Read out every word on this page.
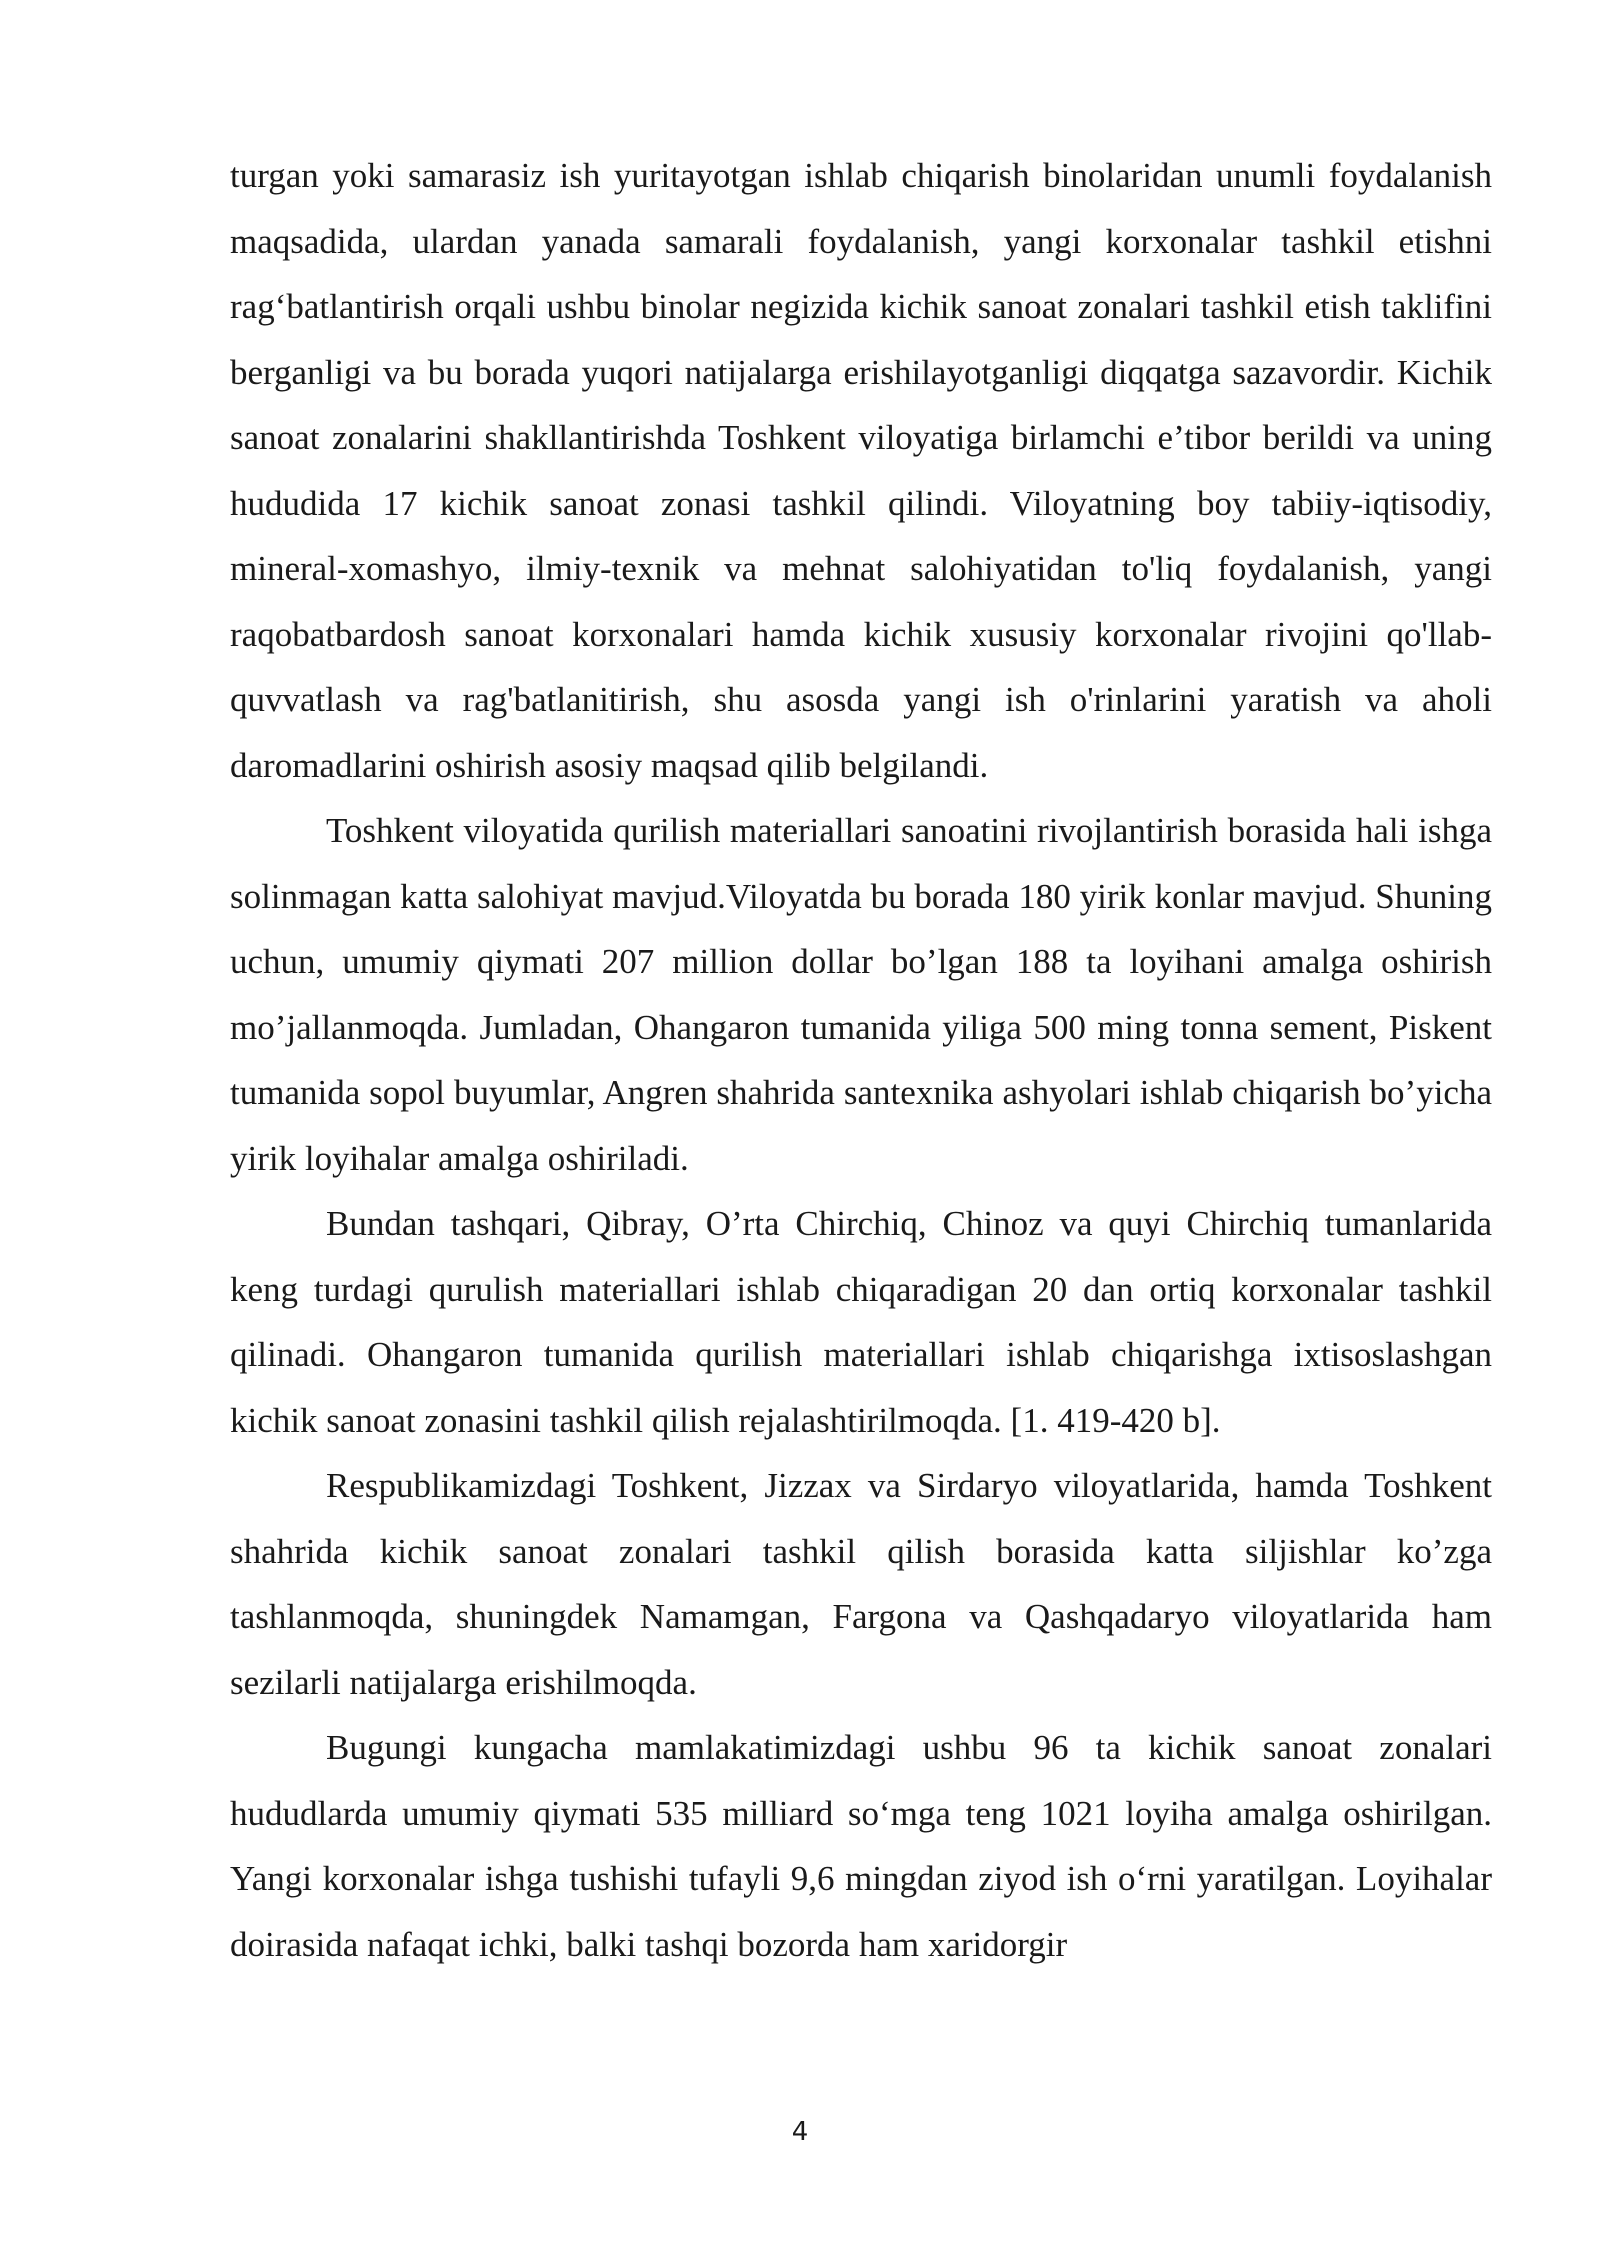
turgan yoki samarasiz ish yuritayotgan ishlab chiqarish binolaridan unumli foydalanish maqsadida, ulardan yanada samarali foydalanish, yangi korxonalar tashkil etishni rag‘batlantirish orqali ushbu binolar negizida kichik sanoat zonalari tashkil etish taklifini berganligi va bu borada yuqori natijalarga erishilayotganligi diqqatga sazavordir. Kichik sanoat zonalarini shakllantirishda Toshkent viloyatiga birlamchi e’tibor berildi va uning hududida 17 kichik sanoat zonasi tashkil qilindi. Viloyatning boy tabiiy-iqtisodiy, mineral-xomashyo, ilmiy-texnik va mehnat salohiyatidan to'liq foydalanish, yangi raqobatbardosh sanoat korxonalari hamda kichik xususiy korxonalar rivojini qo'llab-quvvatlash va rag'batlanitirish, shu asosda yangi ish o'rinlarini yaratish va aholi daromadlarini oshirish asosiy maqsad qilib belgilandi.

Toshkent viloyatida qurilish materiallari sanoatini rivojlantirish borasida hali ishga solinmagan katta salohiyat mavjud.Viloyatda bu borada 180 yirik konlar mavjud. Shuning uchun, umumiy qiymati 207 million dollar bo’lgan 188 ta loyihani amalga oshirish mo’jallanmoqda. Jumladan, Ohangaron tumanida yiliga 500 ming tonna sement, Piskent tumanida sopol buyumlar, Angren shahrida santexnika ashyolari ishlab chiqarish bo’yicha yirik loyihalar amalga oshiriladi.

Bundan tashqari, Qibray, O’rta Chirchiq, Chinoz va quyi Chirchiq tumanlarida keng turdagi qurulish materiallari ishlab chiqaradigan 20 dan ortiq korxonalar tashkil qilinadi. Ohangaron tumanida qurilish materiallari ishlab chiqarishga ixtisoslashgan kichik sanoat zonasini tashkil qilish rejalashtirilmoqda. [1. 419-420 b].

Respublikamizdagi Toshkent, Jizzax va Sirdaryo viloyatlarida, hamda Toshkent shahrida kichik sanoat zonalari tashkil qilish borasida katta siljishlar ko’zga tashlanmoqda, shuningdek Namamgan, Fargona va Qashqadaryo viloyatlarida ham sezilarli natijalarga erishilmoqda.

Bugungi kungacha mamlakatimizdagi ushbu 96 ta kichik sanoat zonalari hududlarda umumiy qiymati 535 milliard so‘mga teng 1021 loyiha amalga oshirilgan. Yangi korxonalar ishga tushishi tufayli 9,6 mingdan ziyod ish o‘rni yaratilgan. Loyihalar doirasida nafaqat ichki, balki tashqi bozorda ham xaridorgir

4
